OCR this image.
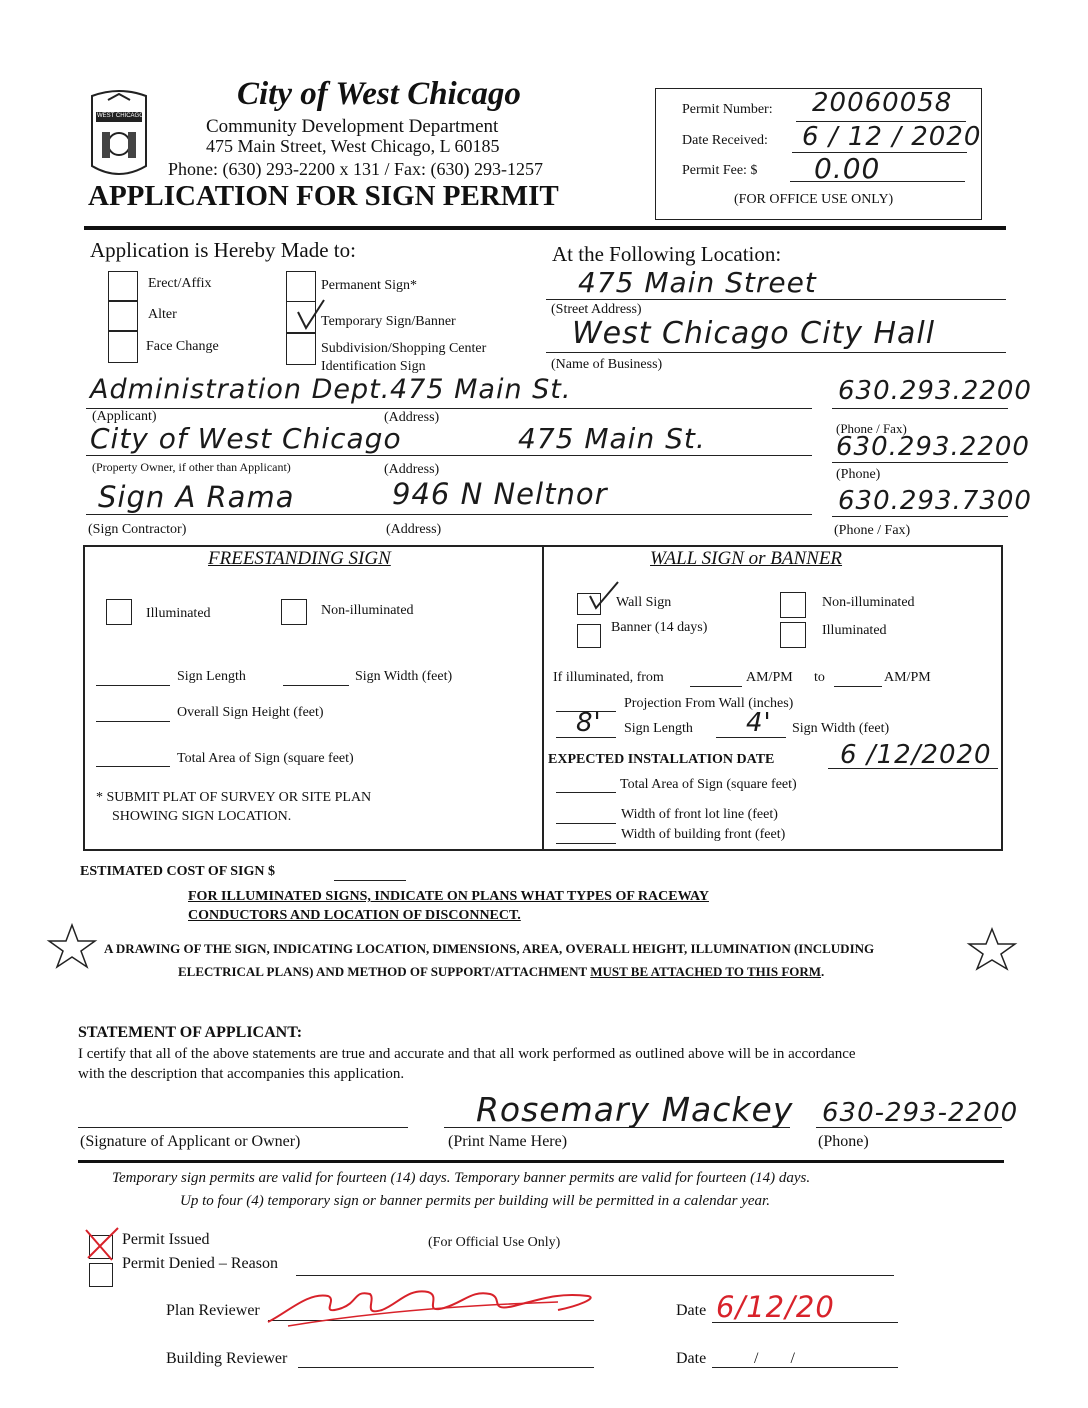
WEST CHICAGO
City of West Chicago
Community Development Department
475 Main Street, West Chicago, L 60185
Phone: (630) 293-2200 x 131 / Fax: (630) 293-1257
APPLICATION FOR SIGN PERMIT
Permit Number: 20060058
Date Received: 6 / 12 / 2020
Permit Fee: $ 0.00
(FOR OFFICE USE ONLY)
Application is Hereby Made to:	At the Following Location:
Erect/Affix
Alter
Face Change
Permanent Sign*
Temporary Sign/Banner
Subdivision/Shopping Center
Identification Sign
475 Main Street
(Street Address)
West Chicago City Hall
(Name of Business)
Administration Dept. 475 Main St.	630.293.2200
(Applicant)	(Address)
(Phone / Fax)
City of West Chicago	475 Main St.	630.293.2200
(Property Owner, if other than Applicant)	(Address)	(Phone)
Sign A Rama	946 N Neltnor	630.293.7300
(Sign Contractor)	(Address)	(Phone / Fax)
FREESTANDING SIGN
Illuminated	Non-illuminated
Sign Length	Sign Width (feet)
Overall Sign Height (feet)
Total Area of Sign (square feet)
* SUBMIT PLAT OF SURVEY OR SITE PLAN
SHOWING SIGN LOCATION.
WALL SIGN or BANNER
Wall Sign
Banner (14 days)
Non-illuminated
Illuminated
If illuminated, from	AM/PM to	AM/PM
Projection From Wall (inches)
8' Sign Length 4' Sign Width (feet)
EXPECTED INSTALLATION DATE	6 /12/2020
Total Area of Sign (square feet)
Width of front lot line (feet)
Width of building front (feet)
ESTIMATED COST OF SIGN $
FOR ILLUMINATED SIGNS, INDICATE ON PLANS WHAT TYPES OF RACEWAY
CONDUCTORS AND LOCATION OF DISCONNECT.
A DRAWING OF THE SIGN, INDICATING LOCATION, DIMENSIONS, AREA, OVERALL HEIGHT, ILLUMINATION (INCLUDING
ELECTRICAL PLANS) AND METHOD OF SUPPORT/ATTACHMENT MUST BE ATTACHED TO THIS FORM.
STATEMENT OF APPLICANT:
I certify that all of the above statements are true and accurate and that all work performed as outlined above will be in accordance
with the description that accompanies this application.
Rosemary Mackey 630-293-2200
(Signature of Applicant or Owner)	(Print Name Here)	(Phone)
Temporary sign permits are valid for fourteen (14) days. Temporary banner permits are valid for fourteen (14) days.
Up to four (4) temporary sign or banner permits per building will be permitted in a calendar year.
Permit Issued	(For Official Use Only)
Permit Denied – Reason
Plan Reviewer	Date 6/12/20
Building Reviewer	Date	/        /
